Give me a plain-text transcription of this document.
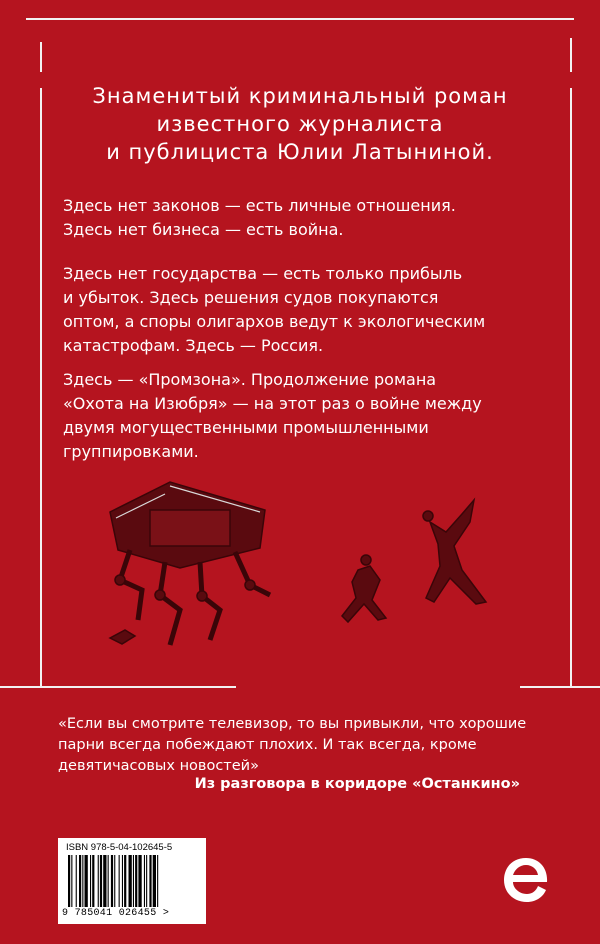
Знаменитый криминальный роман
известного журналиста
и публициста Юлии Латыниной.
Здесь нет законов — есть личные отношения.
Здесь нет бизнеса — есть война.
Здесь нет государства — есть только прибыль
и убыток. Здесь решения судов покупаются
оптом, а споры олигархов ведут к экологическим
катастрофам. Здесь — Россия.
Здесь — «Промзона». Продолжение романа
«Охота на Изюбря» — на этот раз о войне между
двумя могущественными промышленными
группировками.
«Если вы смотрите телевизор, то вы привыкли, что хорошие
парни всегда побеждают плохих. И так всегда, кроме
девятичасовых новостей»
Из разговора в коридоре «Останкино»
ISBN 978-5-04-102645-5
9 785041 026455 >
